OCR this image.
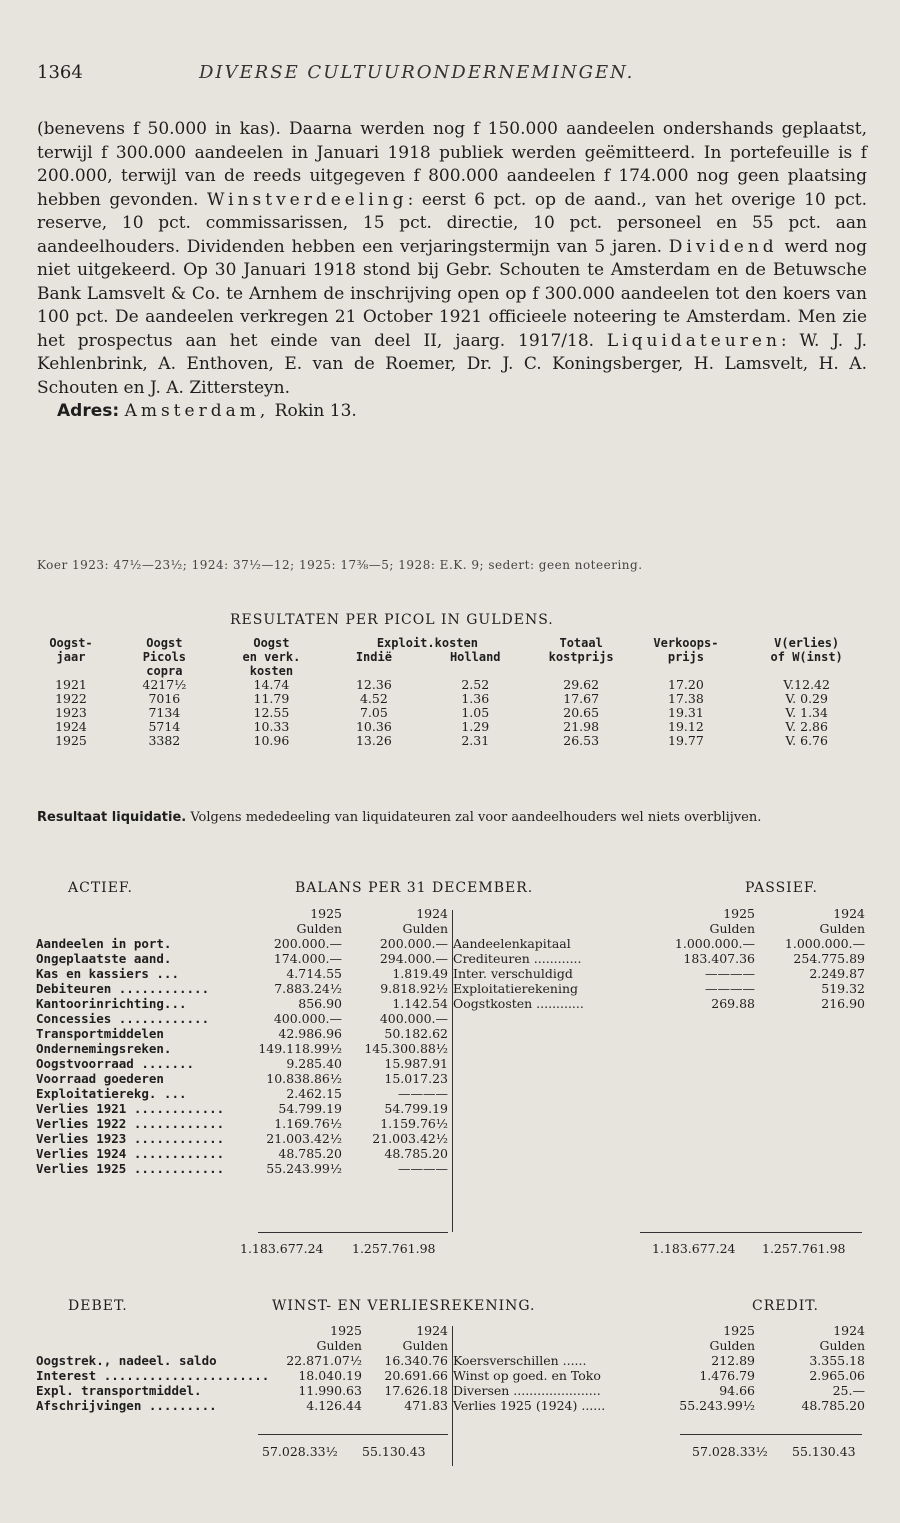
1364	DIVERSE CULTUURONDERNEMINGEN.

(benevens f 50.000 in kas). Daarna werden nog f 150.000 aandeelen ondershands geplaatst, terwijl f 300.000 aandeelen in Januari 1918 publiek werden geëmitteerd. In portefeuille is f 200.000, terwijl van de reeds uitgegeven f 800.000 aandeelen f 174.000 nog geen plaatsing hebben gevonden. Winstverdeeling: eerst 6 pct. op de aand., van het overige 10 pct. reserve, 10 pct. commissarissen, 15 pct. directie, 10 pct. personeel en 55 pct. aan aandeelhouders. Dividenden hebben een verjaringstermijn van 5 jaren. Dividend werd nog niet uitgekeerd. Op 30 Januari 1918 stond bij Gebr. Schouten te Amsterdam en de Betuwsche Bank Lamsvelt & Co. te Arnhem de inschrijving open op f 300.000 aandeelen tot den koers van 100 pct. De aandeelen verkregen 21 October 1921 officieele noteering te Amsterdam. Men zie het prospectus aan het einde van deel II, jaarg. 1917/18. Liquidateuren: W. J. J. Kehlenbrink, A. Enthoven, E. van de Roemer, Dr. J. C. Koningsberger, H. Lamsvelt, H. A. Schouten en J. A. Zittersteyn.

Adres: Amsterdam, Rokin 13.

Koer 1923: 47½—23½; 1924: 37½—12; 1925: 17⅜—5; 1928: E.K. 9; sedert: geen noteering.
RESULTATEN PER PICOL IN GULDENS.
Oogst-	Oogst	Oogst	Exploit.kosten		Totaal	Verkoops-	V(erlies)
jaar	Picols	en verk.	Indië	Holland	kostprijs	prijs	of W(inst)
	copra	kosten					
1921	4217½	14.74	12.36	2.52	29.62	17.20	V.12.42
1922	7016	11.79	4.52	1.36	17.67	17.38	V. 0.29
1923	7134	12.55	7.05	1.05	20.65	19.31	V. 1.34
1924	5714	10.33	10.36	1.29	21.98	19.12	V. 2.86
1925	3382	10.96	13.26	2.31	26.53	19.77	V. 6.76
Resultaat liquidatie. Volgens mededeeling van liquidateuren zal voor aandeelhouders wel niets overblijven.
ACTIEF.	BALANS PER 31 DECEMBER.	PASSIEF.
	1925	1924
	Gulden	Gulden
Aandeelen in port.	200.000.—	200.000.—
Ongeplaatste aand.	174.000.—	294.000.—
Kas en kassiers ...	4.714.55	1.819.49
Debiteuren ............	7.883.24½	9.818.92½
Kantoorinrichting...	856.90	1.142.54
Concessies ............	400.000.—	400.000.—
Transportmiddelen	42.986.96	50.182.62
Ondernemingsreken.	149.118.99½	145.300.88½
Oogstvoorraad .......	9.285.40	15.987.91
Voorraad goederen	10.838.86½	15.017.23
Exploitatierekg. ...	2.462.15	————
Verlies 1921 ............	54.799.19	54.799.19
Verlies 1922 ............	1.169.76½	1.159.76½
Verlies 1923 ............	21.003.42½	21.003.42½
Verlies 1924 ............	48.785.20	48.785.20
Verlies 1925 ............	55.243.99½	————
	1925	1924
	Gulden	Gulden
Aandeelenkapitaal	1.000.000.—	1.000.000.—
Crediteuren ............	183.407.36	254.775.89
Inter. verschuldigd	————	2.249.87
Exploitatierekening	————	519.32
Oogstkosten ............	269.88	216.90
1.183.677.24 1.257.761.98	1.183.677.24 1.257.761.98
DEBET.	WINST- EN VERLIESREKENING.	CREDIT.
	1925	1924
	Gulden	Gulden
Oogstrek., nadeel. saldo	22.871.07½	16.340.76
Interest ......................	18.040.19	20.691.66
Expl. transportmiddel.	11.990.63	17.626.18
Afschrijvingen .........	4.126.44	471.83
	1925	1924
	Gulden	Gulden
Koersverschillen ......	212.89	3.355.18
Winst op goed. en Toko	1.476.79	2.965.06
Diversen ......................	94.66	25.—
Verlies 1925 (1924) ......	55.243.99½	48.785.20
57.028.33½ 55.130.43	57.028.33½ 55.130.43
